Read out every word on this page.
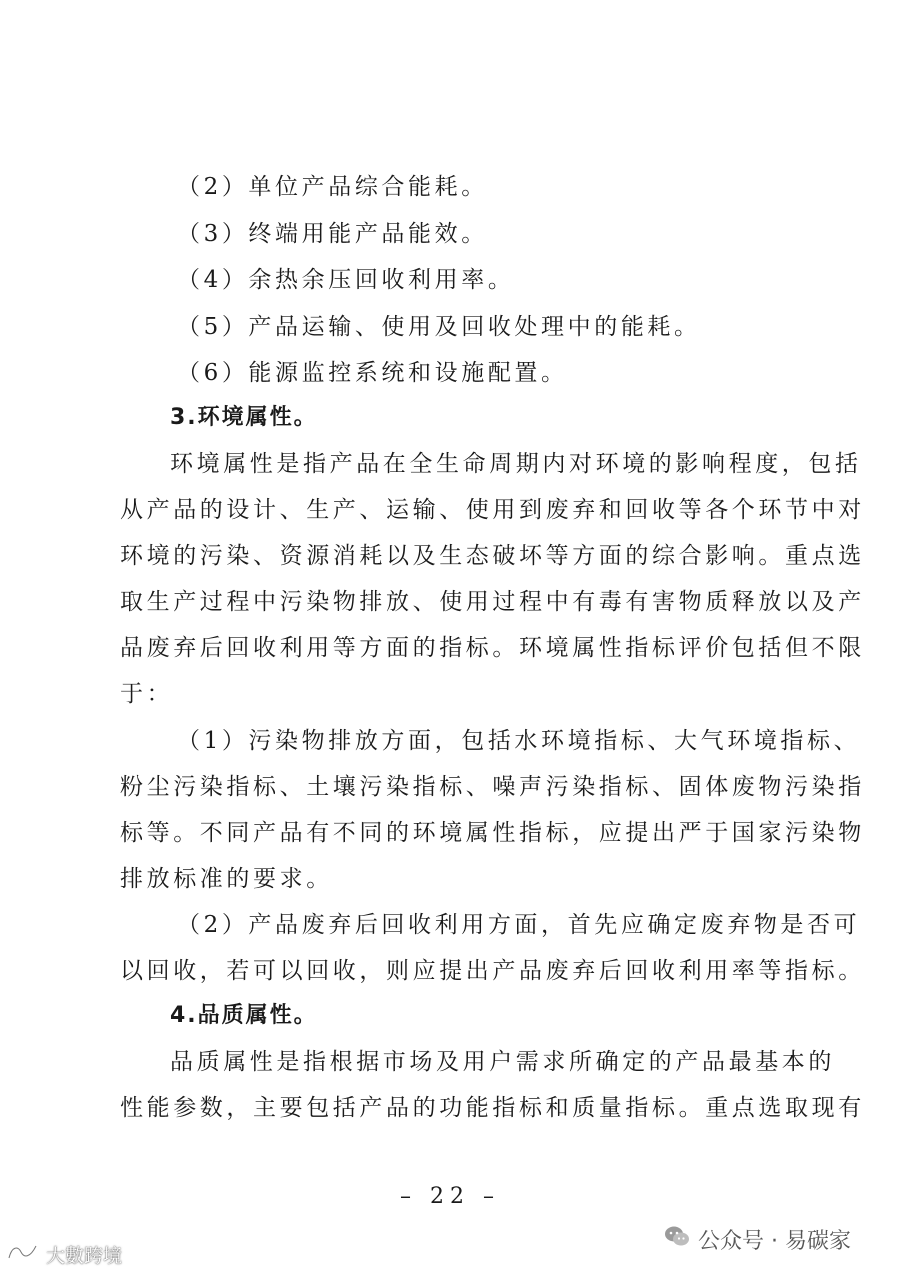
（2）单位产品综合能耗。
（3）终端用能产品能效。
（4）余热余压回收利用率。
（5）产品运输、使用及回收处理中的能耗。
（6）能源监控系统和设施配置。
3.环境属性。
环境属性是指产品在全生命周期内对环境的影响程度，包括
从产品的设计、生产、运输、使用到废弃和回收等各个环节中对
环境的污染、资源消耗以及生态破坏等方面的综合影响。重点选
取生产过程中污染物排放、使用过程中有毒有害物质释放以及产
品废弃后回收利用等方面的指标。环境属性指标评价包括但不限
于：
（1）污染物排放方面，包括水环境指标、大气环境指标、
粉尘污染指标、土壤污染指标、噪声污染指标、固体废物污染指
标等。不同产品有不同的环境属性指标，应提出严于国家污染物
排放标准的要求。
（2）产品废弃后回收利用方面，首先应确定废弃物是否可
以回收，若可以回收，则应提出产品废弃后回收利用率等指标。
4.品质属性。
品质属性是指根据市场及用户需求所确定的产品最基本的
性能参数，主要包括产品的功能指标和质量指标。重点选取现有
– 22 –
公众号 · 易碳家
大數跨境
